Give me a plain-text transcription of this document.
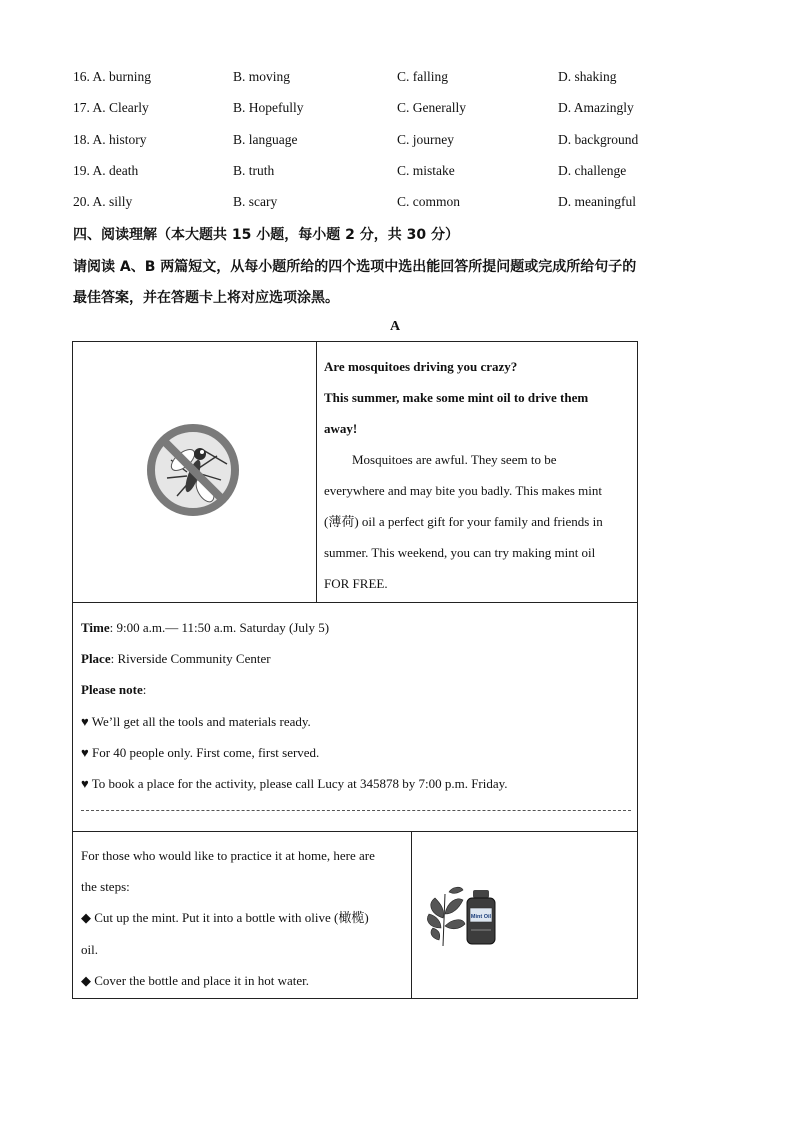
16. A. burning	B. moving	C. falling	D. shaking
17. A. Clearly	B. Hopefully	C. Generally	D. Amazingly
18. A. history	B. language	C. journey	D. background
19. A. death	B. truth	C. mistake	D. challenge
20. A. silly	B. scary	C. common	D. meaningful
四、阅读理解（本大题共 15 小题，每小题 2 分，共 30 分）
请阅读 A、B 两篇短文，从每小题所给的四个选项中选出能回答所提问题或完成所给句子的
最佳答案，并在答题卡上将对应选项涂黑。
A

Are mosquitoes driving you crazy?

This summer, make some mint oil to drive them

away!

Mosquitoes are awful. They seem to be

everywhere and may bite you badly. This makes mint

(薄荷) oil a perfect gift for your family and friends in

summer. This weekend, you can try making mint oil

FOR FREE.

Time: 9:00 a.m.— 11:50 a.m. Saturday (July 5)

Place: Riverside Community Center

Please note:

♥ We’ll get all the tools and materials ready.

♥ For 40 people only. First come, first served.

♥ To book a place for the activity, please call Lucy at 345878 by 7:00 p.m. Friday.

For those who would like to practice it at home, here are

the steps:

◆ Cut up the mint. Put it into a bottle with olive (橄榄)

oil.

◆ Cover the bottle and place it in hot water.

Mint Oil
